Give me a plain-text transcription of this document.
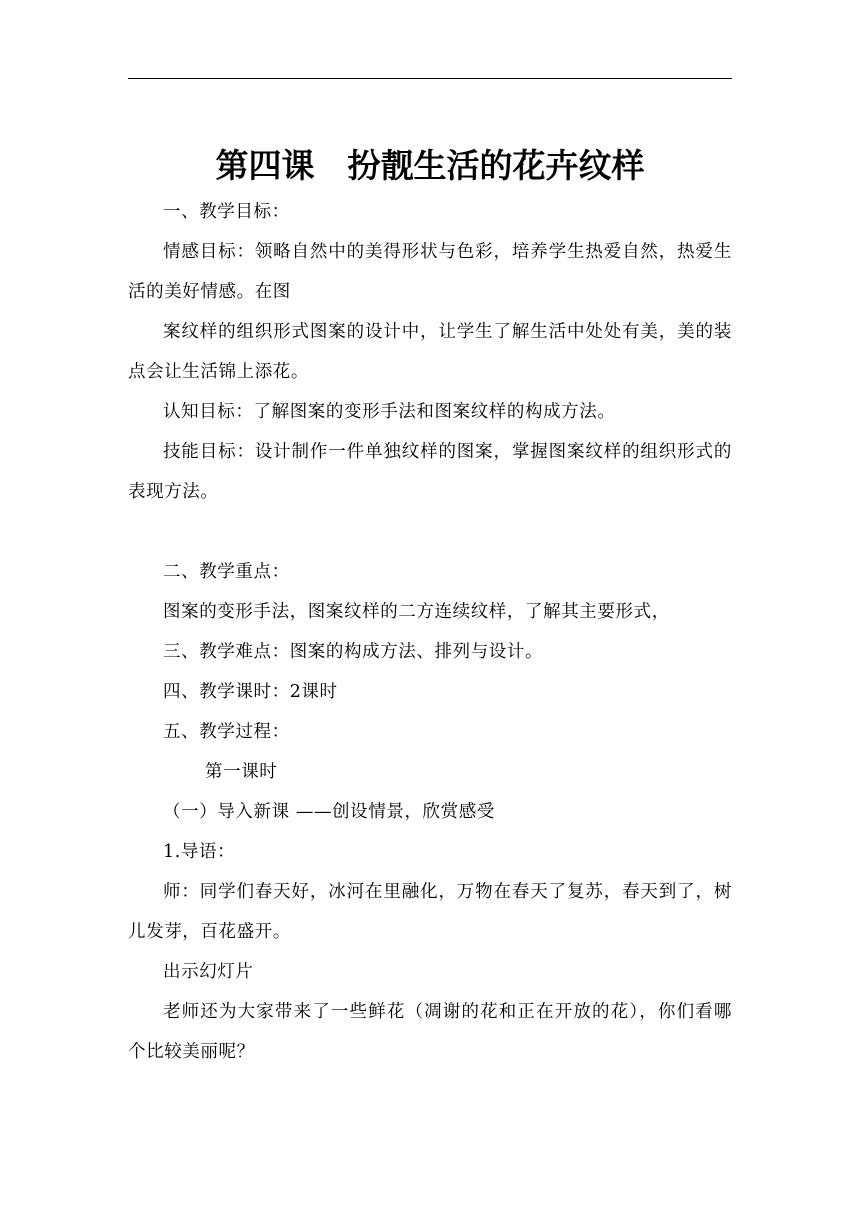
第四课　扮靓生活的花卉纹样

一、教学目标：

情感目标：领略自然中的美得形状与色彩，培养学生热爱自然，热爱生活的美好情感。在图

案纹样的组织形式图案的设计中，让学生了解生活中处处有美，美的装点会让生活锦上添花。

认知目标：了解图案的变形手法和图案纹样的构成方法。

技能目标：设计制作一件单独纹样的图案，掌握图案纹样的组织形式的表现方法。

二、教学重点：

图案的变形手法，图案纹样的二方连续纹样，了解其主要形式，

三、教学难点：图案的构成方法、排列与设计。

四、教学课时：2课时

五、教学过程：

第一课时

（一）导入新课 ——创设情景，欣赏感受

1.导语：

师：同学们春天好，冰河在里融化，万物在春天了复苏，春天到了，树儿发芽，百花盛开。

出示幻灯片

老师还为大家带来了一些鲜花（凋谢的花和正在开放的花），你们看哪个比较美丽呢？
